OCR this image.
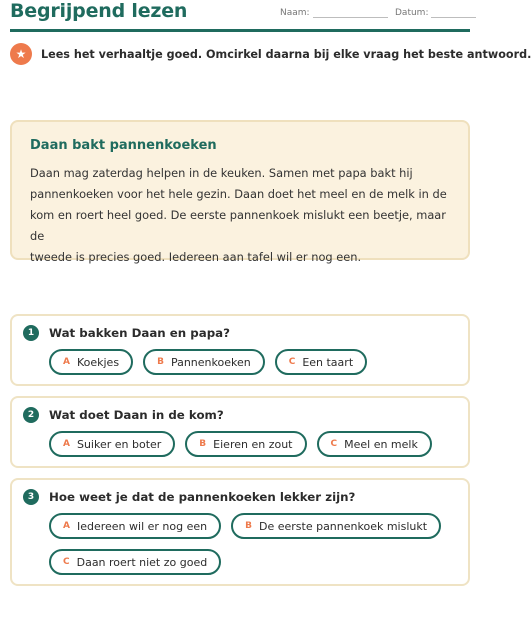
Begrijpend lezen	Naam:	Datum:
★	Lees het verhaaltje goed. Omcirkel daarna bij elke vraag het beste antwoord.
Daan bakt pannenkoeken
Daan mag zaterdag helpen in de keuken. Samen met papa bakt hij
pannenkoeken voor het hele gezin. Daan doet het meel en de melk in de
kom en roert heel goed. De eerste pannenkoek mislukt een beetje, maar de
tweede is precies goed. Iedereen aan tafel wil er nog een.
1	Wat bakken Daan en papa?
A Koekjes	B Pannenkoeken	C Een taart
2	Wat doet Daan in de kom?
A Suiker en boter	B Eieren en zout	C Meel en melk
3	Hoe weet je dat de pannenkoeken lekker zijn?
A Iedereen wil er nog een	B De eerste pannenkoek mislukt
C Daan roert niet zo goed
